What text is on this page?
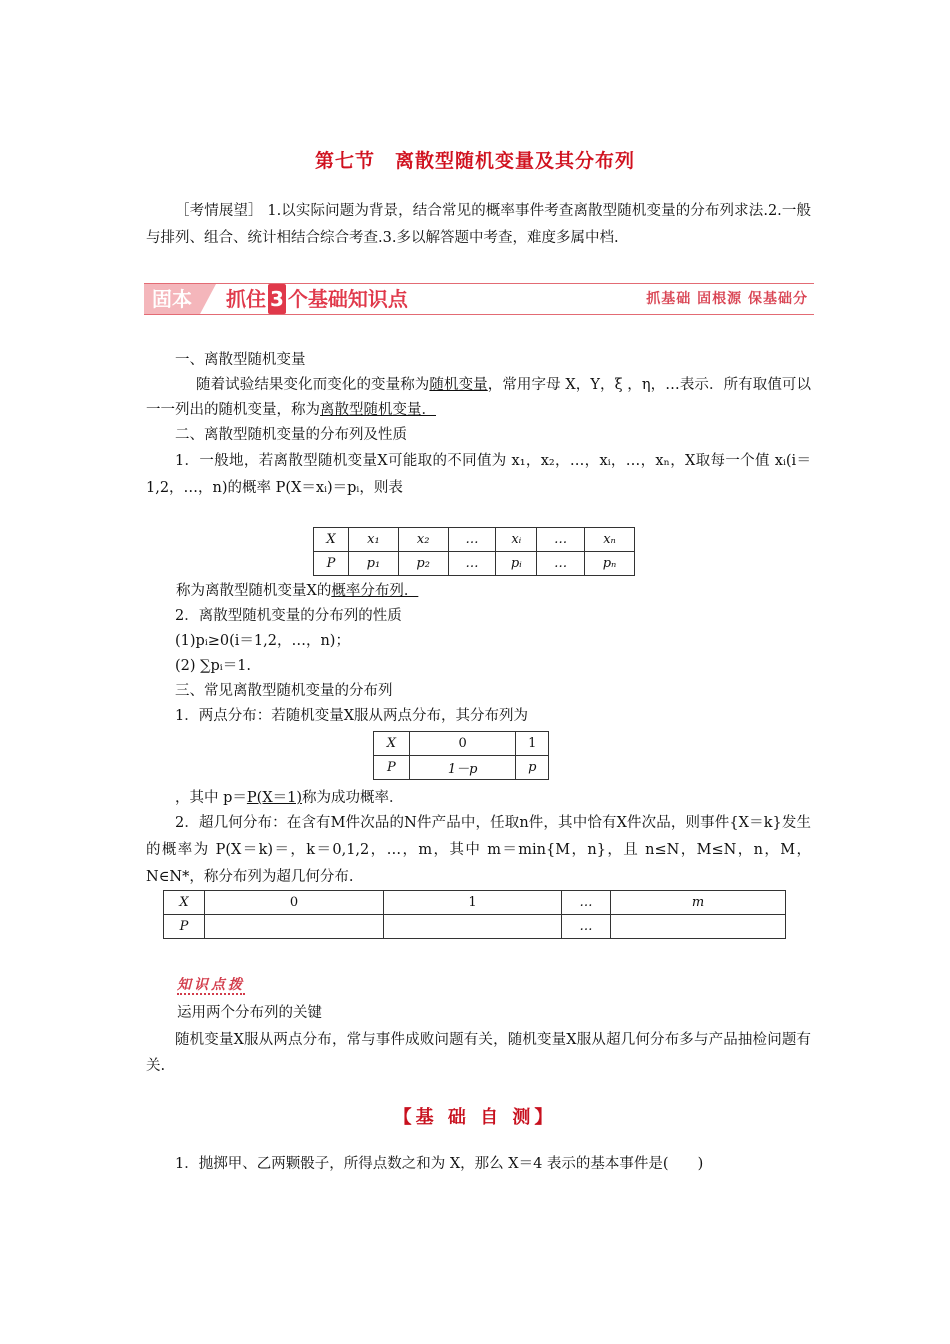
第七节　离散型随机变量及其分布列
［考情展望］ 1.以实际问题为背景，结合常见的概率事件考查离散型随机变量的分布列求法.2.一般与排列、组合、统计相结合综合考查.3.多以解答题中考查，难度多属中档.
固本	抓住 3 个基础知识点	抓基础 固根源 保基础分
一、离散型随机变量
随着试验结果变化而变化的变量称为随机变量，常用字母 X，Y，ξ ，η，…表示．所有取值可以一一列出的随机变量，称为离散型随机变量．
二、离散型随机变量的分布列及性质
1．一般地，若离散型随机变量X可能取的不同值为 x₁，x₂，…，xᵢ，…，xₙ，X取每一个值 xᵢ(i＝1,2，…，n)的概率 P(X＝xᵢ)＝pᵢ，则表
X	x₁	x₂	…	xᵢ	…	xₙ
P	p₁	p₂	…	pᵢ	…	pₙ
称为离散型随机变量X的概率分布列．
2．离散型随机变量的分布列的性质
(1)pᵢ≥0(i＝1,2，…，n)；
(2) ∑pᵢ＝1.
三、常见离散型随机变量的分布列
1．两点分布：若随机变量X服从两点分布，其分布列为
X	0	1
P	1－p	p
，其中 p＝P(X＝1)称为成功概率．
2．超几何分布：在含有M件次品的N件产品中，任取n件，其中恰有X件次品，则事件{X＝k}发生的概率为 P(X＝k)＝，k＝0,1,2，…，m，其中 m＝min{M，n}，且 n≤N，M≤N，n，M，N∈N*，称分布列为超几何分布.
X	0	1	…	m
P			…	
知识点拨
运用两个分布列的关键
随机变量X服从两点分布，常与事件成败问题有关，随机变量X服从超几何分布多与产品抽检问题有关.
【基 础 自 测】
1．抛掷甲、乙两颗骰子，所得点数之和为 X，那么 X＝4 表示的基本事件是(　　)
